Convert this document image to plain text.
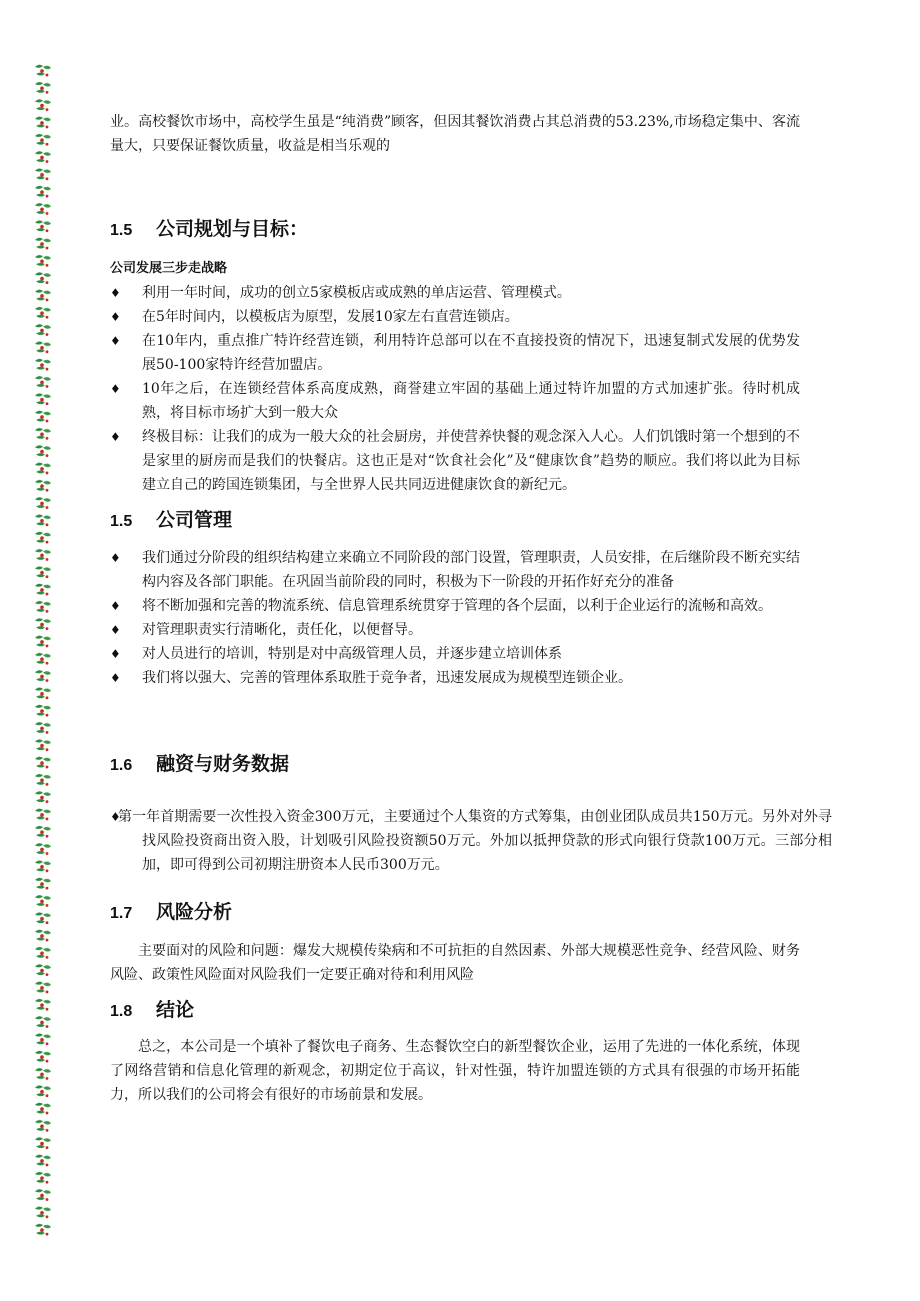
业。高校餐饮市场中，高校学生虽是“纯消费”顾客，但因其餐饮消费占其总消费的53.23%,市场稳定集中、客流量大，只要保证餐饮质量，收益是相当乐观的

1.5 公司规划与目标：

公司发展三步走战略

♦ 利用一年时间，成功的创立5家模板店或成熟的单店运营、管理模式。
♦ 在5年时间内，以模板店为原型，发展10家左右直营连锁店。
♦ 在10年内，重点推广特许经营连锁，利用特许总部可以在不直接投资的情况下，迅速复制式发展的优势发展50-100家特许经营加盟店。
♦ 10年之后，在连锁经营体系高度成熟，商誉建立牢固的基础上通过特许加盟的方式加速扩张。待时机成熟，将目标市场扩大到一般大众
♦ 终极目标：让我们的成为一般大众的社会厨房，并使营养快餐的观念深入人心。人们饥饿时第一个想到的不是家里的厨房而是我们的快餐店。这也正是对“饮食社会化”及“健康饮食”趋势的顺应。我们将以此为目标建立自己的跨国连锁集团，与全世界人民共同迈进健康饮食的新纪元。
1.5 公司管理
♦ 我们通过分阶段的组织结构建立来确立不同阶段的部门设置，管理职责，人员安排，在后继阶段不断充实结构内容及各部门职能。在巩固当前阶段的同时，积极为下一阶段的开拓作好充分的准备
♦ 将不断加强和完善的物流系统、信息管理系统贯穿于管理的各个层面，以利于企业运行的流畅和高效。
♦ 对管理职责实行清晰化，责任化，以便督导。
♦ 对人员进行的培训，特别是对中高级管理人员，并逐步建立培训体系
♦ 我们将以强大、完善的管理体系取胜于竞争者，迅速发展成为规模型连锁企业。
1.6 融资与财务数据

♦第一年首期需要一次性投入资金300万元，主要通过个人集资的方式筹集，由创业团队成员共150万元。另外对外寻找风险投资商出资入股，计划吸引风险投资额50万元。外加以抵押贷款的形式向银行贷款100万元。三部分相加，即可得到公司初期注册资本人民币300万元。

1.7 风险分析

主要面对的风险和问题：爆发大规模传染病和不可抗拒的自然因素、外部大规模恶性竞争、经营风险、财务风险、政策性风险面对风险我们一定要正确对待和利用风险

1.8 结论

总之，本公司是一个填补了餐饮电子商务、生态餐饮空白的新型餐饮企业，运用了先进的一体化系统，体现了网络营销和信息化管理的新观念，初期定位于高议，针对性强，特许加盟连锁的方式具有很强的市场开拓能力，所以我们的公司将会有很好的市场前景和发展。
